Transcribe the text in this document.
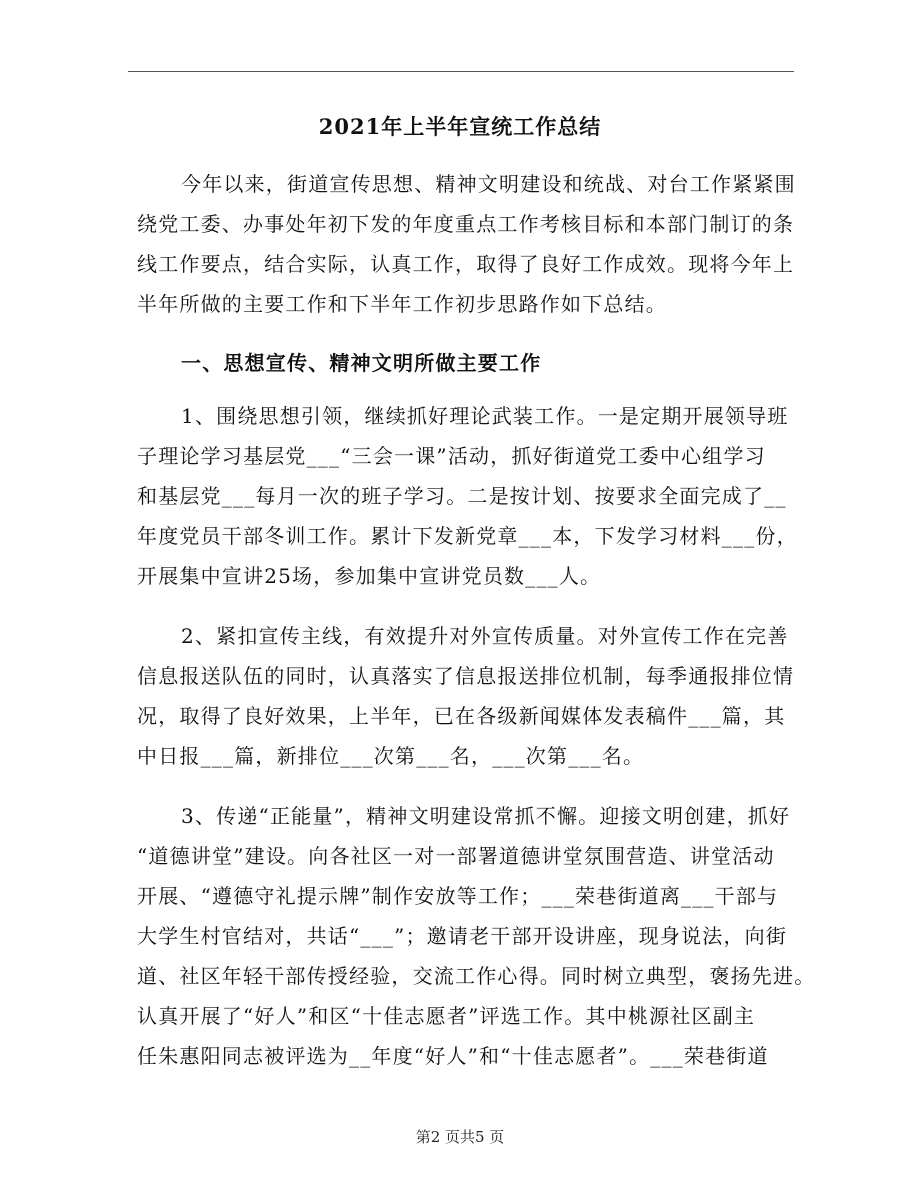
2021年上半年宣统工作总结
今年以来，街道宣传思想、精神文明建设和统战、对台工作紧紧围
绕党工委、办事处年初下发的年度重点工作考核目标和本部门制订的条
线工作要点，结合实际，认真工作，取得了良好工作成效。现将今年上
半年所做的主要工作和下半年工作初步思路作如下总结。
一、思想宣传、精神文明所做主要工作
1、围绕思想引领，继续抓好理论武装工作。一是定期开展领导班
子理论学习基层党___“三会一课”活动，抓好街道党工委中心组学习
和基层党___每月一次的班子学习。二是按计划、按要求全面完成了__
年度党员干部冬训工作。累计下发新党章___本，下发学习材料___份，
开展集中宣讲25场，参加集中宣讲党员数___人。
2、紧扣宣传主线，有效提升对外宣传质量。对外宣传工作在完善
信息报送队伍的同时，认真落实了信息报送排位机制，每季通报排位情
况，取得了良好效果，上半年，已在各级新闻媒体发表稿件___篇，其
中日报___篇，新排位___次第___名，___次第___名。
3、传递“正能量”，精神文明建设常抓不懈。迎接文明创建，抓好
“道德讲堂”建设。向各社区一对一部署道德讲堂氛围营造、讲堂活动
开展、“遵德守礼提示牌”制作安放等工作；___荣巷街道离___干部与
大学生村官结对，共话“___”；邀请老干部开设讲座，现身说法，向街
道、社区年轻干部传授经验，交流工作心得。同时树立典型，褒扬先进。
认真开展了“好人”和区“十佳志愿者”评选工作。其中桃源社区副主
任朱惠阳同志被评选为__年度“好人”和“十佳志愿者”。___荣巷街道
第2 页共5 页
